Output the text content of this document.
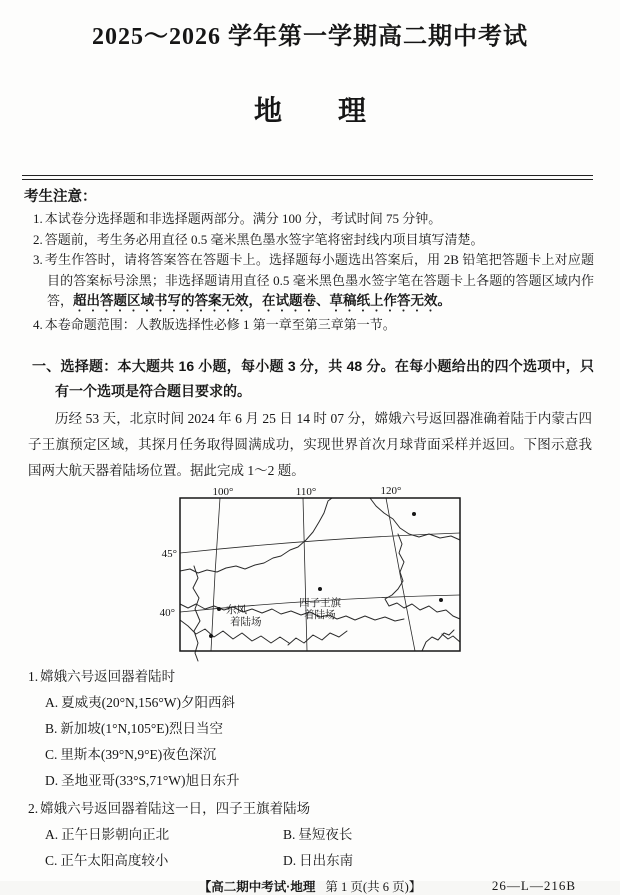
2025～2026 学年第一学期高二期中考试
地 理
考生注意：
1. 本试卷分选择题和非选择题两部分。满分 100 分，考试时间 75 分钟。
2. 答题前，考生务必用直径 0.5 毫米黑色墨水签字笔将密封线内项目填写清楚。
3. 考生作答时，请将答案答在答题卡上。选择题每小题选出答案后，用 2B 铅笔把答题卡上对应题目的答案标号涂黑；非选择题请用直径 0.5 毫米黑色墨水签字笔在答题卡上各题的答题区域内作答，超出答题区域书写的答案无效，在试题卷、草稿纸上作答无效。
4. 本卷命题范围：人教版选择性必修 1 第一章至第三章第一节。
一、选择题：本大题共 16 小题，每小题 3 分，共 48 分。在每小题给出的四个选项中，只有一个选项是符合题目要求的。
历经 53 天，北京时间 2024 年 6 月 25 日 14 时 07 分，嫦娥六号返回器准确着陆于内蒙古四子王旗预定区域，其探月任务取得圆满成功，实现世界首次月球背面采样并返回。下图示意我国两大航天器着陆场位置。据此完成 1～2 题。
100°	110°	120°
45°
40°	东风
着陆场
四子王旗
着陆场
1. 嫦娥六号返回器着陆时
A. 夏威夷(20°N,156°W)夕阳西斜
B. 新加坡(1°N,105°E)烈日当空
C. 里斯本(39°N,9°E)夜色深沉
D. 圣地亚哥(33°S,71°W)旭日东升
2. 嫦娥六号返回器着陆这一日，四子王旗着陆场
A. 正午日影朝向正北	B. 昼短夜长
C. 正午太阳高度较小	D. 日出东南
【高二期中考试·地理 第 1 页(共 6 页)】	26—L—216B
